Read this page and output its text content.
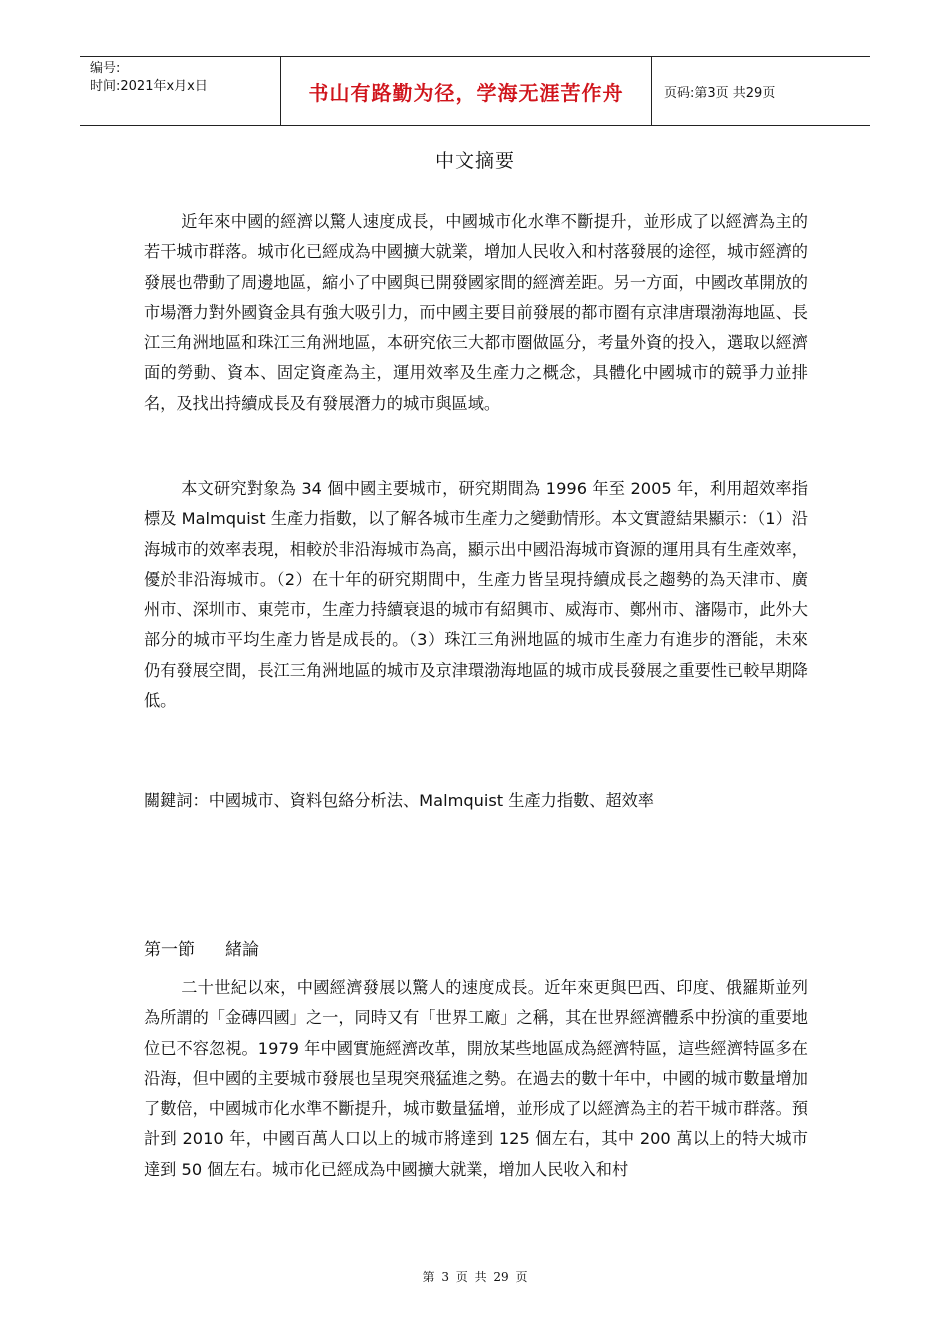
编号:
时间:2021年x月x日	书山有路勤为径，学海无涯苦作舟	页码:第3页 共29页
中文摘要

近年來中國的經濟以驚人速度成長，中國城市化水準不斷提升，並形成了以經濟為主的若干城市群落。城市化已經成為中國擴大就業，增加人民收入和村落發展的途徑，城市經濟的發展也帶動了周邊地區，縮小了中國與已開發國家間的經濟差距。另一方面，中國改革開放的市場潛力對外國資金具有強大吸引力，而中國主要目前發展的都市圈有京津唐環渤海地區、長江三角洲地區和珠江三角洲地區，本研究依三大都市圈做區分，考量外資的投入，選取以經濟面的勞動、資本、固定資產為主，運用效率及生產力之概念，具體化中國城市的競爭力並排名，及找出持續成長及有發展潛力的城市與區域。

本文研究對象為 34 個中國主要城市，研究期間為 1996 年至 2005 年，利用超效率指標及 Malmquist 生產力指數，以了解各城市生產力之變動情形。本文實證結果顯示：（1）沿海城市的效率表現，相較於非沿海城市為高，顯示出中國沿海城市資源的運用具有生產效率，優於非沿海城市。（2）在十年的研究期間中，生產力皆呈現持續成長之趨勢的為天津市、廣州市、深圳市、東莞市，生產力持續衰退的城市有紹興市、威海市、鄭州市、瀋陽市，此外大部分的城市平均生產力皆是成長的。（3）珠江三角洲地區的城市生產力有進步的潛能，未來仍有發展空間，長江三角洲地區的城市及京津環渤海地區的城市成長發展之重要性已較早期降低。

關鍵詞：中國城市、資料包絡分析法、Malmquist 生產力指數、超效率
第一節 緒論

二十世紀以來，中國經濟發展以驚人的速度成長。近年來更與巴西、印度、俄羅斯並列為所謂的「金磚四國」之一，同時又有「世界工廠」之稱，其在世界經濟體系中扮演的重要地位已不容忽視。1979 年中國實施經濟改革，開放某些地區成為經濟特區，這些經濟特區多在沿海，但中國的主要城市發展也呈現突飛猛進之勢。在過去的數十年中，中國的城市數量增加了數倍，中國城市化水準不斷提升，城市數量猛增，並形成了以經濟為主的若干城市群落。預計到 2010 年，中國百萬人口以上的城市將達到 125 個左右，其中 200 萬以上的特大城市達到 50 個左右。城市化已經成為中國擴大就業，增加人民收入和村

第 3 页 共 29 页
